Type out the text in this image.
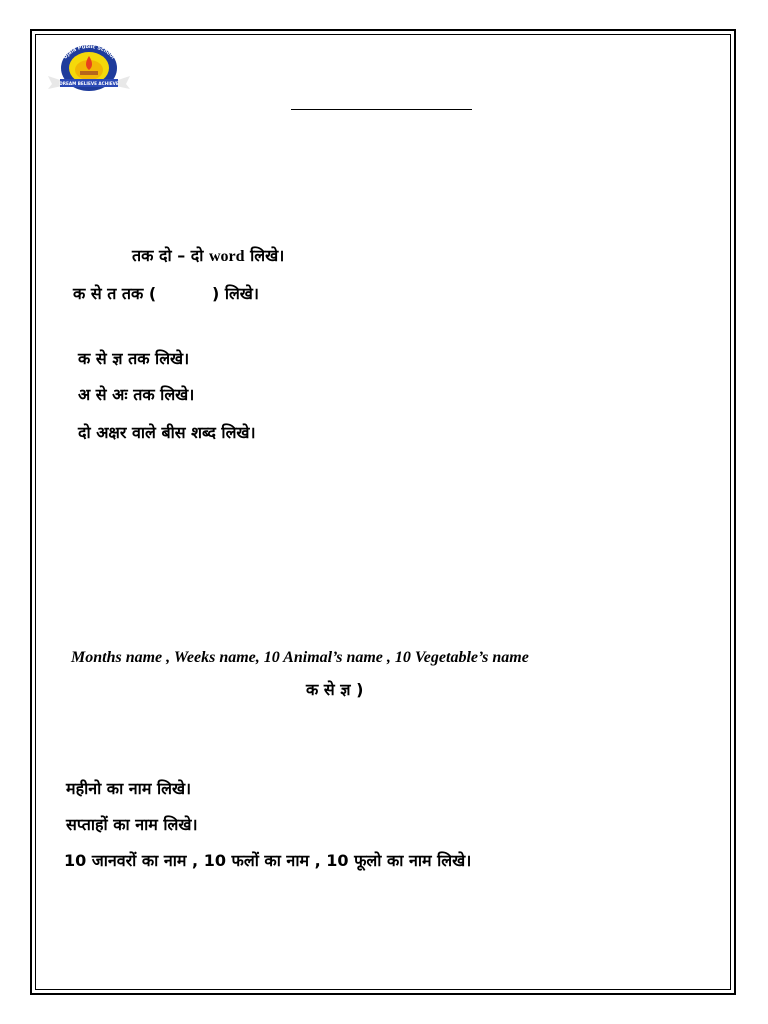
Ujala Public School
DREAM BELIEVE ACHIEVE
तक दो – दो word लिखे।
क से त तक (	) लिखे।
क से ज्ञ तक लिखे।
अ से अः तक लिखे।
दो अक्षर वाले बीस शब्द लिखे।
Months name , Weeks name, 10 Animal’s name , 10 Vegetable’s name
क से ज्ञ )
महीनो का नाम लिखे।
सप्ताहों का नाम लिखे।
10 जानवरों का नाम , 10 फलों का नाम , 10 फूलो का नाम लिखे।
